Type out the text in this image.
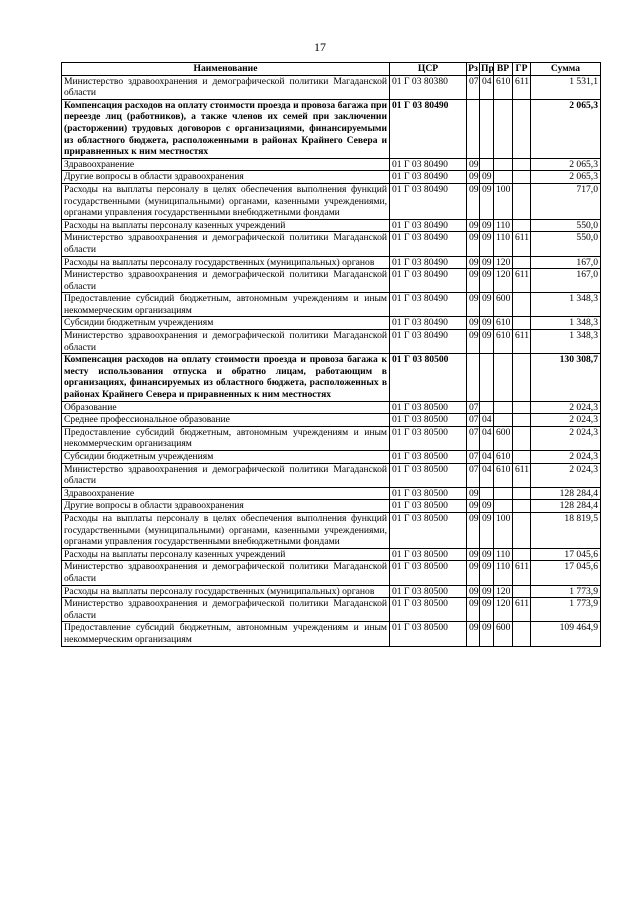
17
Наименование	ЦСР	Рз	Пр	ВР	ГР	Сумма
Министерство здравоохранения и демографической политики Магаданской области	01 Г 03 80380	07	04	610	611	1 531,1
Компенсация расходов на оплату стоимости проезда и провоза багажа при переезде лиц (работников), а также членов их семей при заключении (расторжении) трудовых договоров с организациями, финансируемыми из областного бюджета, расположенными в районах Крайнего Севера и приравненных к ним местностях	01 Г 03 80490					2 065,3
Здравоохранение	01 Г 03 80490	09				2 065,3
Другие вопросы в области здравоохранения	01 Г 03 80490	09	09			2 065,3
Расходы на выплаты персоналу в целях обеспечения выполнения функций государственными (муниципальными) органами, казенными учреждениями, органами управления государственными внебюджетными фондами	01 Г 03 80490	09	09	100		717,0
Расходы на выплаты персоналу казенных учреждений	01 Г 03 80490	09	09	110		550,0
Министерство здравоохранения и демографической политики Магаданской области	01 Г 03 80490	09	09	110	611	550,0
Расходы на выплаты персоналу государственных (муниципальных) органов	01 Г 03 80490	09	09	120		167,0
Министерство здравоохранения и демографической политики Магаданской области	01 Г 03 80490	09	09	120	611	167,0
Предоставление субсидий бюджетным, автономным учреждениям и иным некоммерческим организациям	01 Г 03 80490	09	09	600		1 348,3
Субсидии бюджетным учреждениям	01 Г 03 80490	09	09	610		1 348,3
Министерство здравоохранения и демографической политики Магаданской области	01 Г 03 80490	09	09	610	611	1 348,3
Компенсация расходов на оплату стоимости проезда и провоза багажа к месту использования отпуска и обратно лицам, работающим в организациях, финансируемых из областного бюджета, расположенных в районах Крайнего Севера и приравненных к ним местностях	01 Г 03 80500					130 308,7
Образование	01 Г 03 80500	07				2 024,3
Среднее профессиональное образование	01 Г 03 80500	07	04			2 024,3
Предоставление субсидий бюджетным, автономным учреждениям и иным некоммерческим организациям	01 Г 03 80500	07	04	600		2 024,3
Субсидии бюджетным учреждениям	01 Г 03 80500	07	04	610		2 024,3
Министерство здравоохранения и демографической политики Магаданской области	01 Г 03 80500	07	04	610	611	2 024,3
Здравоохранение	01 Г 03 80500	09				128 284,4
Другие вопросы в области здравоохранения	01 Г 03 80500	09	09			128 284,4
Расходы на выплаты персоналу в целях обеспечения выполнения функций государственными (муниципальными) органами, казенными учреждениями, органами управления государственными внебюджетными фондами	01 Г 03 80500	09	09	100		18 819,5
Расходы на выплаты персоналу казенных учреждений	01 Г 03 80500	09	09	110		17 045,6
Министерство здравоохранения и демографической политики Магаданской области	01 Г 03 80500	09	09	110	611	17 045,6
Расходы на выплаты персоналу государственных (муниципальных) органов	01 Г 03 80500	09	09	120		1 773,9
Министерство здравоохранения и демографической политики Магаданской области	01 Г 03 80500	09	09	120	611	1 773,9
Предоставление субсидий бюджетным, автономным учреждениям и иным некоммерческим организациям	01 Г 03 80500	09	09	600		109 464,9
